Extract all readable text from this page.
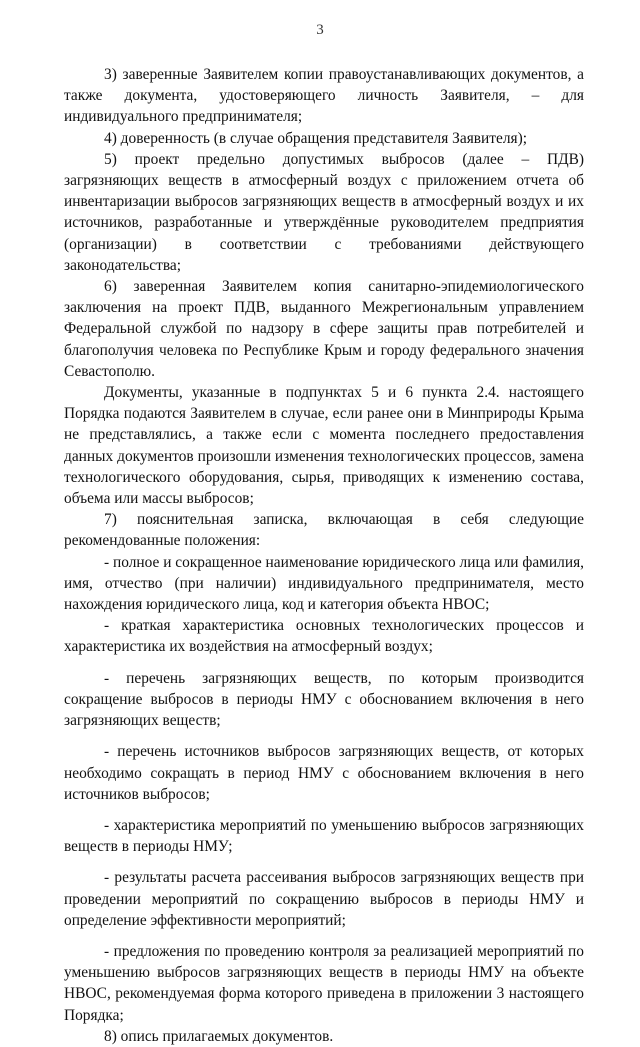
3

3) заверенные Заявителем копии правоустанавливающих документов, а также документа, удостоверяющего личность Заявителя, – для индивидуального предпринимателя;

4) доверенность (в случае обращения представителя Заявителя);

5) проект предельно допустимых выбросов (далее – ПДВ) загрязняющих веществ в атмосферный воздух с приложением отчета об инвентаризации выбросов загрязняющих веществ в атмосферный воздух и их источников, разработанные и утверждённые руководителем предприятия (организации) в соответствии с требованиями действующего законодательства;

6) заверенная Заявителем копия санитарно-эпидемиологического заключения на проект ПДВ, выданного Межрегиональным управлением Федеральной службой по надзору в сфере защиты прав потребителей и благополучия человека по Республике Крым и городу федерального значения Севастополю.

Документы, указанные в подпунктах 5 и 6 пункта 2.4. настоящего Порядка подаются Заявителем в случае, если ранее они в Минприроды Крыма не представлялись, а также если с момента последнего предоставления данных документов произошли изменения технологических процессов, замена технологического оборудования, сырья, приводящих к изменению состава, объема или массы выбросов;

7) пояснительная записка, включающая в себя следующие рекомендованные положения:

- полное и сокращенное наименование юридического лица или фамилия, имя, отчество (при наличии) индивидуального предпринимателя, место нахождения юридического лица, код и категория объекта НВОС;

- краткая характеристика основных технологических процессов и характеристика их воздействия на атмосферный воздух;

- перечень загрязняющих веществ, по которым производится сокращение выбросов в периоды НМУ с обоснованием включения в него загрязняющих веществ;

- перечень источников выбросов загрязняющих веществ, от которых необходимо сокращать в период НМУ с обоснованием включения в него источников выбросов;

- характеристика мероприятий по уменьшению выбросов загрязняющих веществ в периоды НМУ;

- результаты расчета рассеивания выбросов загрязняющих веществ при проведении мероприятий по сокращению выбросов в периоды НМУ и определение эффективности мероприятий;

- предложения по проведению контроля за реализацией мероприятий по уменьшению выбросов загрязняющих веществ в периоды НМУ на объекте НВОС, рекомендуемая форма которого приведена в приложении 3 настоящего Порядка;

8) опись прилагаемых документов.
